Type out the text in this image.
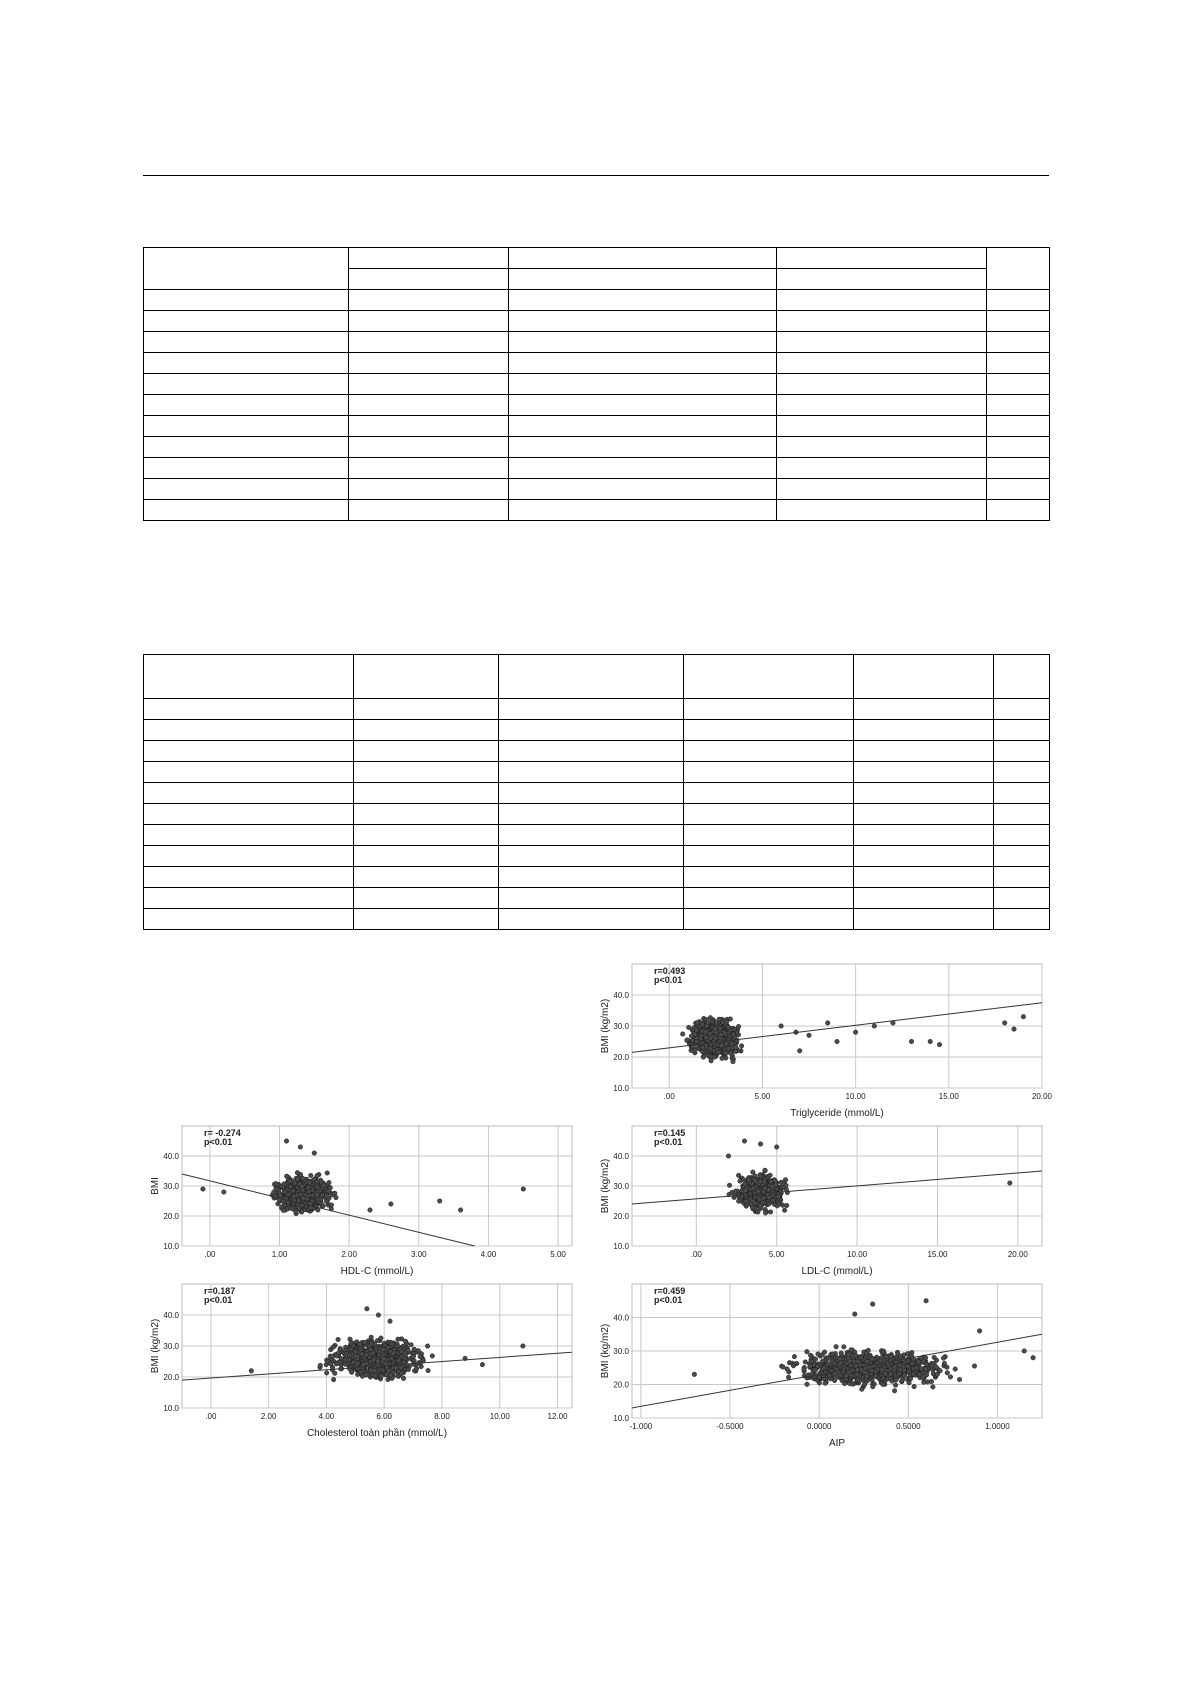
.00	5.00	10.00	15.00	20.00
10.0
20.0
30.0
40.0
r=0.493
p<0.01
Triglyceride (mmol/L)
BMI (kg/m2)
.00	1.00	2.00	3.00	4.00	5.00
10.0
20.0
30.0
40.0
r= -0.274
p<0.01
HDL-C (mmol/L)
BMI
.00	5.00	10.00	15.00	20.00
10.0
20.0
30.0
40.0
r=0.145
p<0.01
LDL-C (mmol/L)
BMI (kg/m2)
.00	2.00	4.00	6.00	8.00	10.00	12.00
10.0
20.0
30.0
40.0
r=0.187
p<0.01
Cholesterol toàn phần (mmol/L)
BMI (kg/m2)
-1.000	-0.5000	0.0000	0.5000	1.0000
10.0
20.0
30.0
40.0
r=0.459
p<0.01
AIP
BMI (kg/m2)
